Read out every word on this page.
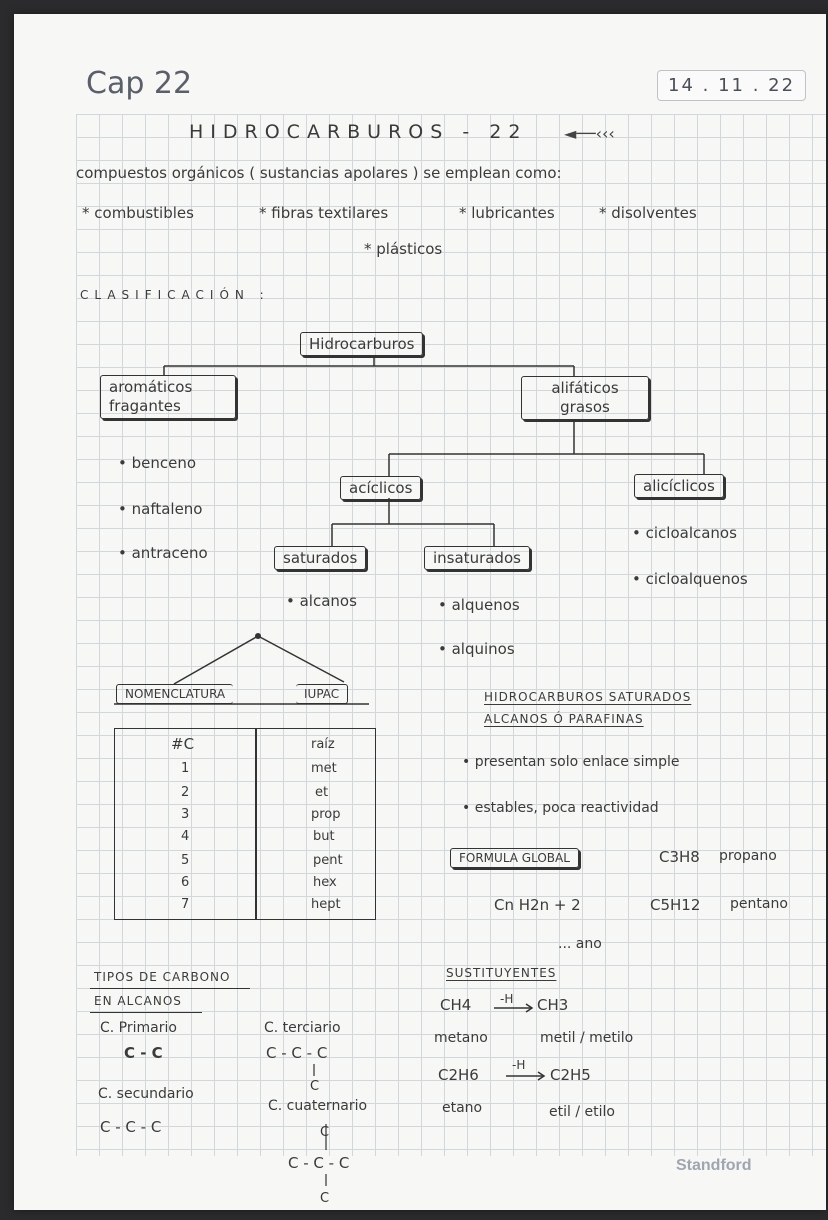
Cap 22	14 . 11 . 22
HIDROCARBUROS - 22 ◄──‹‹‹
compuestos orgánicos ( sustancias apolares ) se emplean como:
* combustibles	* fibras textilares	* lubricantes	* disolventes
* plásticos
CLASIFICACIÓN :
Hidrocarburos
aromáticos
fragantes
• benceno
• naftaleno
• antraceno
alifáticos
grasos
acíclicos	alicíclicos
• cicloalcanos
• cicloalquenos
saturados
• alcanos
insaturados
• alquenos
• alquinos
NOMENCLATURA	IUPAC
#C	raíz
1	met
2	et
3	prop
4	but
5	pent
6	hex
7	hept
HIDROCARBUROS SATURADOS
ALCANOS Ó PARAFINAS
• presentan solo enlace simple
• estables, poca reactividad
FORMULA GLOBAL
Cn H2n + 2
C3H8 propano
C5H12 pentano
... ano
SUSTITUYENTES
CH4 -H CH3
metano	metil / metilo
C2H6
-H
C2H5
etano	etil / etilo
TIPOS DE CARBONO
EN ALCANOS
C. Primario
C - C
C. secundario
C - C - C
C. terciario
C - C - C
C. cuaternario
C - C - C
C
C
C
Standford
